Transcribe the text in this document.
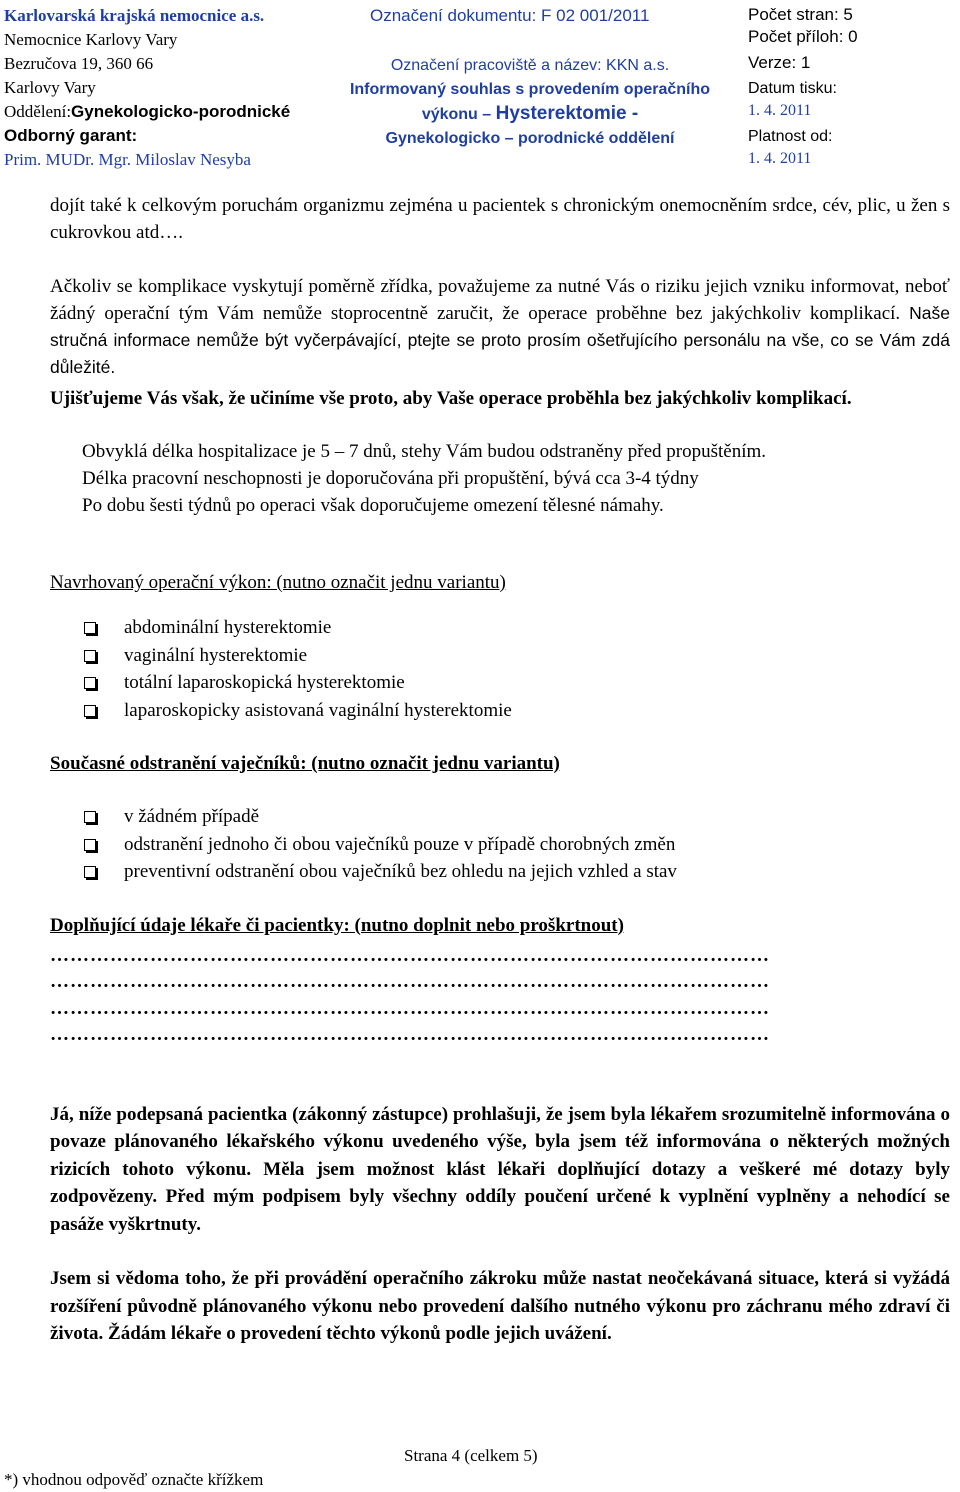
Karlovarská krajská nemocnice a.s.
Nemocnice Karlovy Vary
Bezručova 19, 360 66
Karlovy Vary
Oddělení:Gynekologicko-porodnické
Odborný garant:
Prim. MUDr. Mgr. Miloslav Nesyba
Označení dokumentu: F 02 001/2011
Označení pracoviště a název: KKN a.s.
Informovaný souhlas s provedením operačního
výkonu – Hysterektomie -
Gynekologicko – porodnické oddělení
Počet stran: 5
Počet příloh: 0
Verze: 1
Datum tisku:
1. 4. 2011
Platnost od:
1. 4. 2011

dojít také k celkovým poruchám organizmu zejména u pacientek s chronickým onemocněním srdce, cév, plic, u žen s cukrovkou atd….

Ačkoliv se komplikace vyskytují poměrně zřídka, považujeme za nutné Vás o riziku jejich vzniku informovat, neboť žádný operační tým Vám nemůže stoprocentně zaručit, že operace proběhne bez jakýchkoliv komplikací. Naše stručná informace nemůže být vyčerpávající, ptejte se proto prosím ošetřujícího personálu na vše, co se Vám zdá důležité.

Ujišťujeme Vás však, že učiníme vše proto, aby Vaše operace proběhla bez jakýchkoliv komplikací.

Obvyklá délka hospitalizace je 5 – 7 dnů, stehy Vám budou odstraněny před propuštěním.

Délka pracovní neschopnosti je doporučována při propuštění, bývá cca 3-4 týdny

Po dobu šesti týdnů po operaci však doporučujeme omezení tělesné námahy.

Navrhovaný operační výkon: (nutno označit jednu variantu)

abdominální hysterektomie
vaginální hysterektomie
totální laparoskopická hysterektomie
laparoskopicky asistovaná vaginální hysterektomie

Současné odstranění vaječníků: (nutno označit jednu variantu)

v žádném případě
odstranění jednoho či obou vaječníků pouze v případě chorobných změn
preventivní odstranění obou vaječníků bez ohledu na jejich vzhled a stav

Doplňující údaje lékaře či pacientky: (nutno doplnit nebo proškrtnout)

………………………………………………………………………………………………

………………………………………………………………………………………………

………………………………………………………………………………………………

………………………………………………………………………………………………

Já, níže podepsaná pacientka (zákonný zástupce) prohlašuji, že jsem byla lékařem srozumitelně informována o povaze plánovaného lékařského výkonu uvedeného výše, byla jsem též informována o některých možných rizicích tohoto výkonu. Měla jsem možnost klást lékaři doplňující dotazy a veškeré mé dotazy byly zodpovězeny. Před mým podpisem byly všechny oddíly poučení určené k vyplnění vyplněny a nehodící se pasáže vyškrtnuty.

Jsem si vědoma toho, že při provádění operačního zákroku může nastat neočekávaná situace, která si vyžádá rozšíření původně plánovaného výkonu nebo provedení dalšího nutného výkonu pro záchranu mého zdraví či života. Žádám lékaře o provedení těchto výkonů podle jejich uvážení.

Strana 4 (celkem 5)
*) vhodnou odpověď označte křížkem
